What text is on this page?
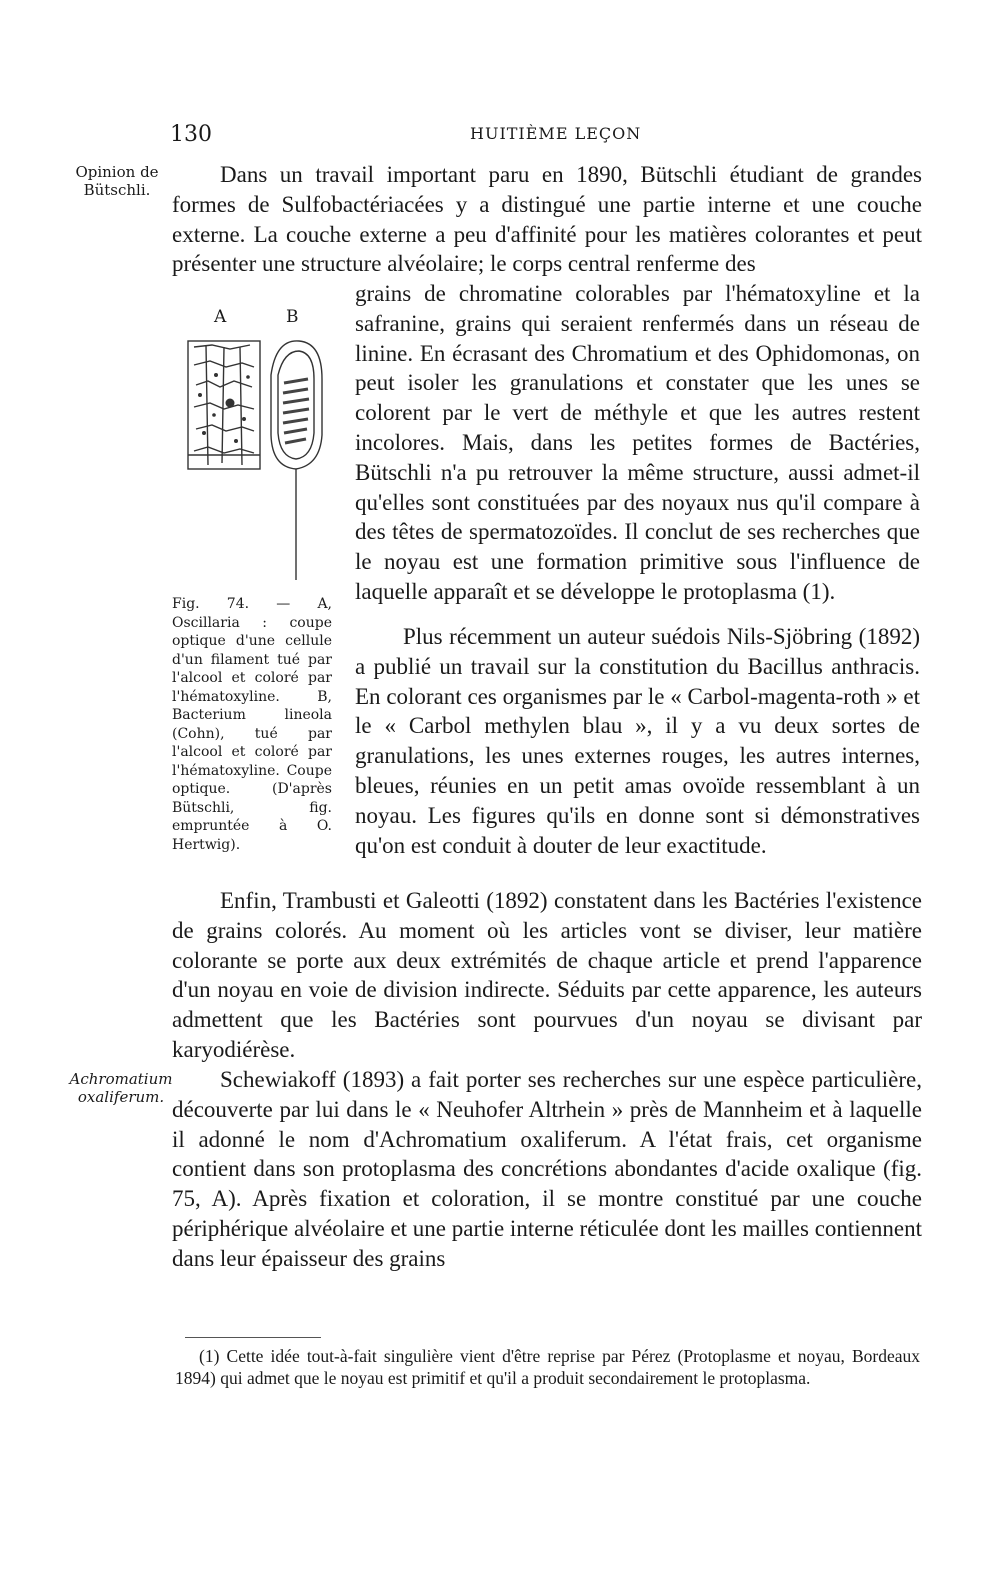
130	HUITIÈME LEÇON
Opinion de Bütschli.
Achromatium oxaliferum.
Dans un travail important paru en 1890, Bütschli étudiant de grandes formes de Sulfobactériacées y a distingué une partie interne et une couche externe. La couche externe a peu d'affinité pour les matières colorantes et peut présenter une structure alvéolaire; le corps central renferme des
A	B
grains de chromatine colorables par l'hématoxyline et la safranine, grains qui seraient renfermés dans un réseau de linine. En écrasant des Chromatium et des Ophidomonas, on peut isoler les granulations et constater que les unes se colorent par le vert de méthyle et que les autres restent incolores. Mais, dans les petites formes de Bactéries, Bütschli n'a pu retrouver la même structure, aussi admet-il qu'elles sont constituées par des noyaux nus qu'il compare à des têtes de spermatozoïdes. Il conclut de ses recherches que le noyau est une formation primitive sous l'influence de laquelle apparaît et se développe le protoplasma (1).
Fig. 74. — A, Oscillaria : coupe optique d'une cellule d'un filament tué par l'alcool et coloré par l'hématoxyline. B, Bacterium lineola (Cohn), tué par l'alcool et coloré par l'hématoxyline. Coupe optique. (D'après Bütschli, fig. empruntée à O. Hertwig).
Plus récemment un auteur suédois Nils-Sjöbring (1892) a publié un travail sur la constitution du Bacillus anthracis. En colorant ces organismes par le « Carbol-magenta-roth » et le « Carbol methylen blau », il y a vu deux sortes de granulations, les unes externes rouges, les autres internes, bleues, réunies en un petit amas ovoïde ressemblant à un noyau. Les figures qu'ils en donne sont si démonstratives qu'on est conduit à douter de leur exactitude.
Enfin, Trambusti et Galeotti (1892) constatent dans les Bactéries l'existence de grains colorés. Au moment où les articles vont se diviser, leur matière colorante se porte aux deux extrémités de chaque article et prend l'apparence d'un noyau en voie de division indirecte. Séduits par cette apparence, les auteurs admettent que les Bactéries sont pourvues d'un noyau se divisant par karyodiérèse.
Schewiakoff (1893) a fait porter ses recherches sur une espèce particulière, découverte par lui dans le « Neuhofer Altrhein » près de Mannheim et à laquelle il adonné le nom d'Achromatium oxaliferum. A l'état frais, cet organisme contient dans son protoplasma des concrétions abondantes d'acide oxalique (fig. 75, A). Après fixation et coloration, il se montre constitué par une couche périphérique alvéolaire et une partie interne réticulée dont les mailles contiennent dans leur épaisseur des grains
(1) Cette idée tout-à-fait singulière vient d'être reprise par Pérez (Protoplasme et noyau, Bordeaux 1894) qui admet que le noyau est primitif et qu'il a produit secondairement le protoplasma.
